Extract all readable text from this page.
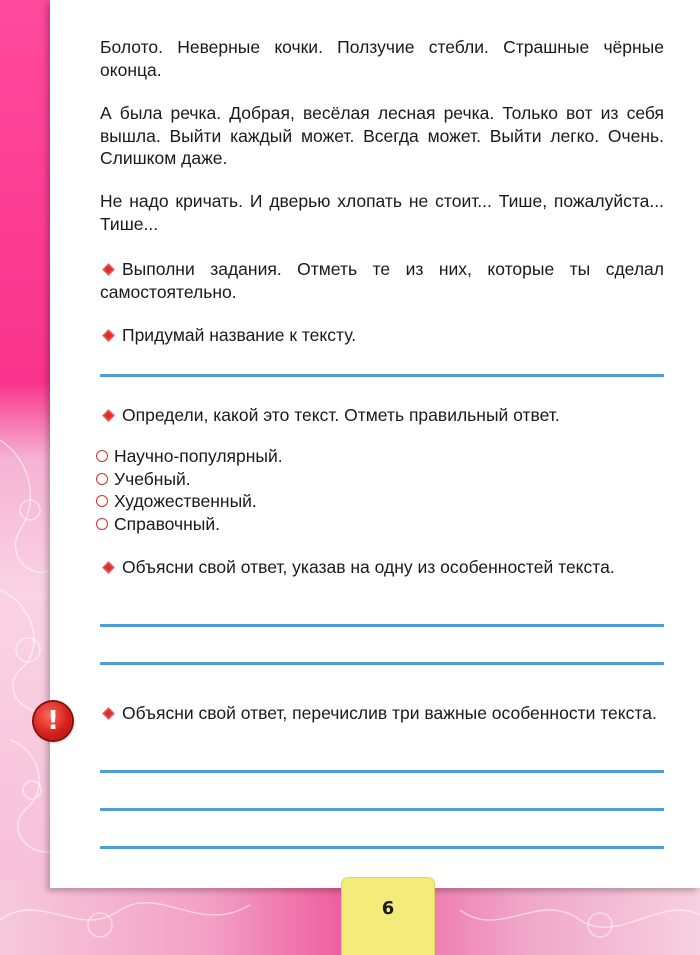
Болото. Неверные кочки. Ползучие стебли. Страшные чёрные оконца.

А была речка. Добрая, весёлая лесная речка. Только вот из себя вышла. Выйти каждый может. Всегда может. Выйти легко. Очень. Слишком даже.

Не надо кричать. И дверью хлопать не стоит... Тише, пожалуйста... Тише...

Выполни задания. Отметь те из них, которые ты сделал самостоятельно.

Придумай название к тексту.

Определи, какой это текст. Отметь правильный ответ.

Научно-популярный.
Учебный.
Художественный.
Справочный.

Объясни свой ответ, указав на одну из особенностей текста.

!	Объясни свой ответ, перечислив три важные особенности текста.

6
